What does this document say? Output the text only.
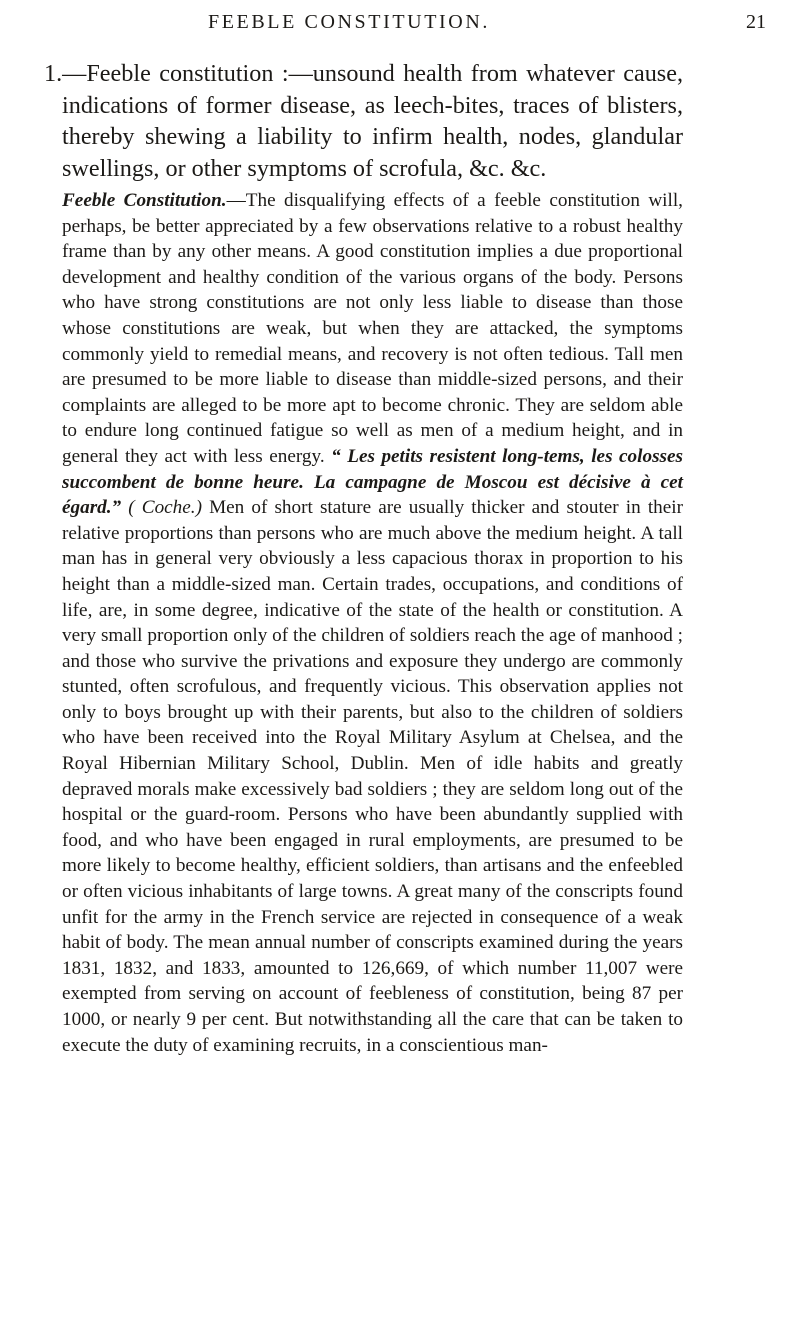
FEEBLE CONSTITUTION.	21
1.—Feeble constitution :—unsound health from whatever cause, indications of former disease, as leech-bites, traces of blisters, thereby shewing a liability to infirm health, nodes, glandular swellings, or other symptoms of scrofula, &c. &c.

Feeble Constitution.—The disqualifying effects of a feeble constitution will, perhaps, be better appreciated by a few observations relative to a robust healthy frame than by any other means. A good constitution implies a due proportional development and healthy condition of the various organs of the body. Persons who have strong constitutions are not only less liable to disease than those whose constitutions are weak, but when they are attacked, the symptoms commonly yield to remedial means, and recovery is not often tedious. Tall men are presumed to be more liable to disease than middle-sized persons, and their complaints are alleged to be more apt to become chronic. They are seldom able to endure long continued fatigue so well as men of a medium height, and in general they act with less energy. “ Les petits resistent long-tems, les colosses succombent de bonne heure. La campagne de Moscou est décisive à cet égard.” ( Coche.) Men of short stature are usually thicker and stouter in their relative proportions than persons who are much above the medium height. A tall man has in general very obviously a less capacious thorax in proportion to his height than a middle-sized man. Certain trades, occupations, and conditions of life, are, in some degree, indicative of the state of the health or constitution. A very small proportion only of the children of soldiers reach the age of manhood ; and those who survive the privations and exposure they undergo are commonly stunted, often scrofulous, and frequently vicious. This observation applies not only to boys brought up with their parents, but also to the children of soldiers who have been received into the Royal Military Asylum at Chelsea, and the Royal Hibernian Military School, Dublin. Men of idle habits and greatly depraved morals make excessively bad soldiers ; they are seldom long out of the hospital or the guard-room. Persons who have been abundantly supplied with food, and who have been engaged in rural employments, are presumed to be more likely to become healthy, efficient soldiers, than artisans and the enfeebled or often vicious inhabitants of large towns. A great many of the conscripts found unfit for the army in the French service are rejected in consequence of a weak habit of body. The mean annual number of conscripts examined during the years 1831, 1832, and 1833, amounted to 126,669, of which number 11,007 were exempted from serving on account of feebleness of constitution, being 87 per 1000, or nearly 9 per cent. But notwithstanding all the care that can be taken to execute the duty of examining recruits, in a conscientious man-
